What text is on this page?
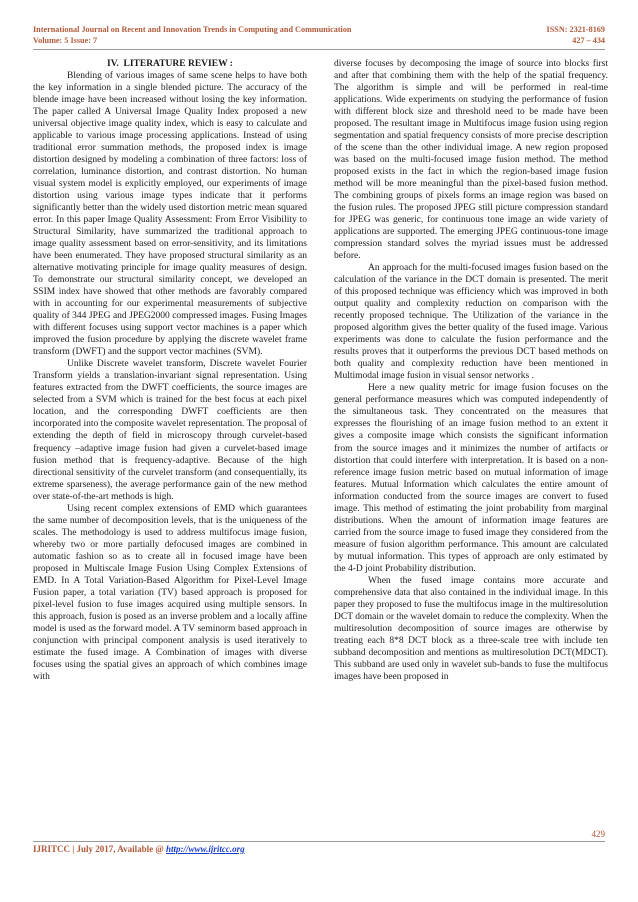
International Journal on Recent and Innovation Trends in Computing and Communication	ISSN: 2321-8169
Volume: 5 Issue: 7	427 – 434

IV.  LITERATURE REVIEW :

Blending of various images of same scene helps to have both the key information in a single blended picture. The accuracy of the blende image have been increased without losing the key information. The paper called A Universal Image Quality Index proposed a new universal objective image quality index, which is easy to calculate and applicable to various image processing applications. Instead of using traditional error summation methods, the proposed index is image distortion designed by modeling a combination of three factors: loss of correlation, luminance distortion, and contrast distortion. No human visual system model is explicitly employed, our experiments of image distortion using various image types indicate that it performs significantly better than the widely used distortion metric mean squared error. In this paper Image Quality Assessment: From Error Visibility to Structural Similarity, have summarized the traditional approach to image quality assessment based on error-sensitivity, and its limitations have been enumerated. They have proposed structural similarity as an alternative motivating principle for image quality measures of design. To demonstrate our structural similarity concept, we developed an SSIM index have showed that other methods are favorably compared with in accounting for our experimental measurements of subjective quality of 344 JPEG and JPEG2000 compressed images. Fusing Images with different focuses using support vector machines is a paper which improved the fusion procedure by applying the discrete wavelet frame transform (DWFT) and the support vector machines (SVM).

Unlike Discrete wavelet transform, Discrete wavelet Fourier Transform yields a translation-invariant signal representation. Using features extracted from the DWFT coefficients, the source images are selected from a SVM which is trained for the best focus at each pixel location, and the corresponding DWFT coefficients are then incorporated into the composite wavelet representation. The proposal of extending the depth of field in microscopy through curvelet-based frequency –adaptive image fusion had given a curvelet-based image fusion method that is frequency-adaptive. Because of the high directional sensitivity of the curvelet transform (and consequentially, its extreme sparseness), the average performance gain of the new method over state-of-the-art methods is high.

Using recent complex extensions of EMD which guarantees the same number of decomposition levels, that is the uniqueness of the scales. The methodology is used to address multifocus image fusion, whereby two or more partially defocused images are combined in automatic fashion so as to create all in focused image have been proposed in Multiscale Image Fusion Using Complex Extensions of EMD. In A Total Variation-Based Algorithm for Pixel-Level Image Fusion paper, a total variation (TV) based approach is proposed for pixel-level fusion to fuse images acquired using multiple sensors. In this approach, fusion is posed as an inverse problem and a locally affine model is used as the forward model. A TV seminorm based approach in conjunction with principal component analysis is used iteratively to estimate the fused image. A Combination of images with diverse focuses using the spatial gives an approach of which combines image with

diverse focuses by decomposing the image of source into blocks first and after that combining them with the help of the spatial frequency. The algorithm is simple and will be performed in real-time applications. Wide experiments on studying the performance of fusion with different block size and threshold need to be made have been proposed. The resultant image in Multifocus image fusion using region segmentation and spatial frequency consists of more precise description of the scene than the other individual image. A new region proposed was based on the multi-focused image fusion method. The method proposed exists in the fact in which the region-based image fusion method will be more meaningful than the pixel-based fusion method. The combining groups of pixels forms an image region was based on the fusion rules. The proposed JPEG still picture compression standard for JPEG was generic, for continuous tone image an wide variety of applications are supported. The emerging JPEG continuous-tone image compression standard solves the myriad issues must be addressed before.

An approach for the multi-focused images fusion based on the calculation of the variance in the DCT domain is presented. The merit of this proposed technique was efficiency which was improved in both output quality and complexity reduction on comparison with the recently proposed technique. The Utilization of the variance in the proposed algorithm gives the better quality of the fused image. Various experiments was done to calculate the fusion performance and the results proves that it outperforms the previous DCT based methods on both quality and complexity reduction have been mentioned in Multimodal image fusion in visual sensor networks .

Here a new quality metric for image fusion focuses on the general performance measures which was computed independently of the simultaneous task. They concentrated on the measures that expresses the flourishing of an image fusion method to an extent it gives a composite image which consists the significant information from the source images and it minimizes the number of artifacts or distortion that could interfere with interpretation. It is based on a non-reference image fusion metric based on mutual information of image features. Mutual Information which calculates the entire amount of information conducted from the source images are convert to fused image. This method of estimating the joint probability from marginal distributions. When the amount of information image features are carried from the source image to fused image they considered from the measure of fusion algorithm performance. This amount are calculated by mutual information. This types of approach are only estimated by the 4-D joint Probability distribution.

When the fused image contains more accurate and comprehensive data that also contained in the individual image. In this paper they proposed to fuse the multifocus image in the multiresolution DCT domain or the wavelet domain to reduce the complexity. When the multiresolution decomposition of source images are otherwise by treating each 8*8 DCT block as a three-scale tree with include ten subband decomposition and mentions as multiresolution DCT(MDCT). This subband are used only in wavelet sub-bands to fuse the multifocus images have been proposed in

429
IJRITCC | July 2017, Available @ http://www.ijritcc.org
